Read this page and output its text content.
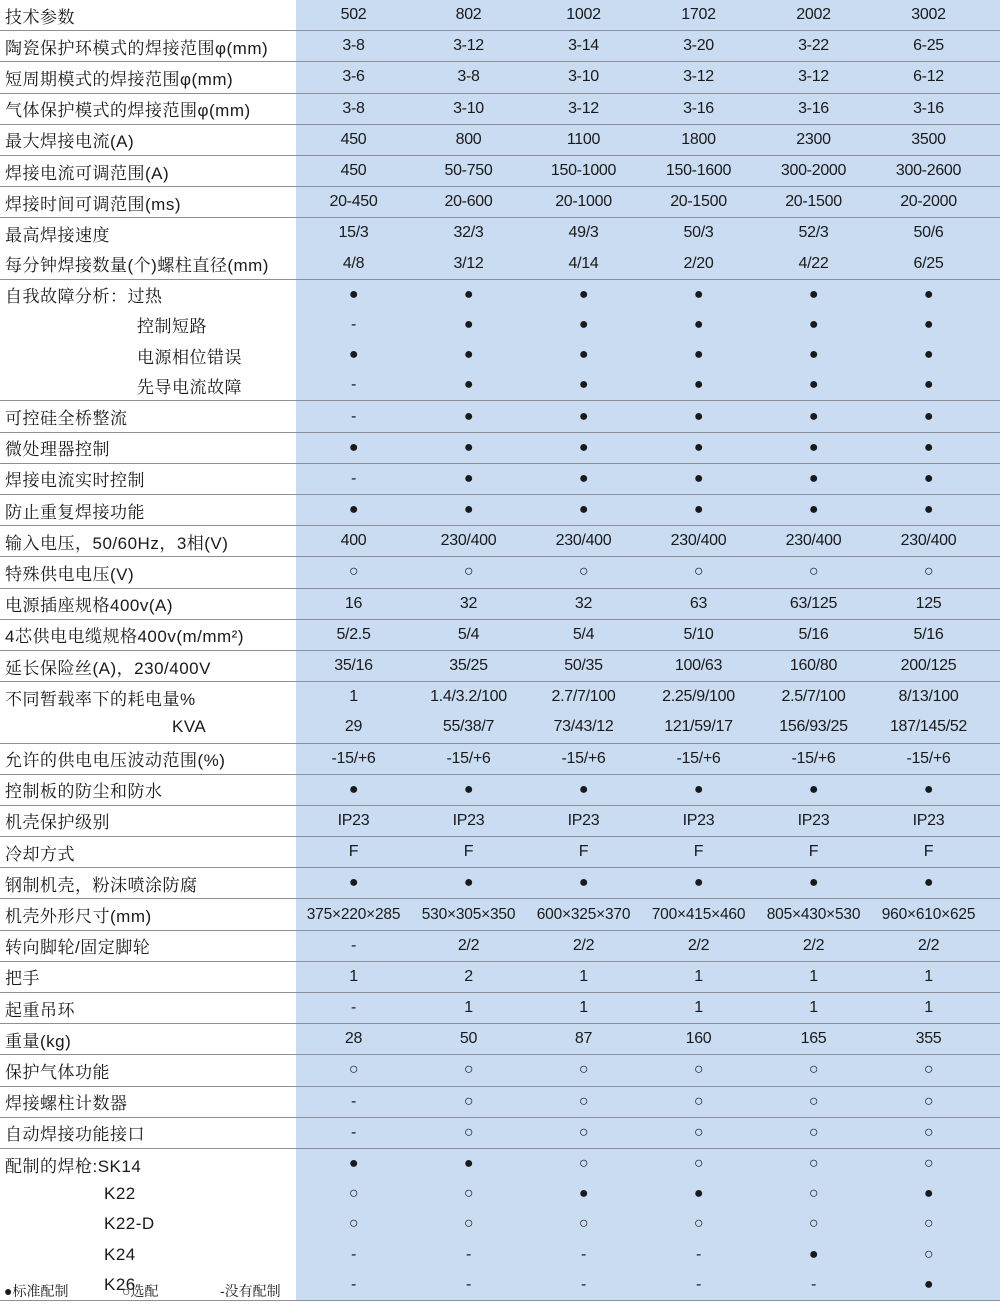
技术参数	502	802	1002	1702	2002	3002
陶瓷保护环模式的焊接范围φ(mm)	3-8	3-12	3-14	3-20	3-22	6-25
短周期模式的焊接范围φ(mm)	3-6	3-8	3-10	3-12	3-12	6-12
气体保护模式的焊接范围φ(mm)	3-8	3-10	3-12	3-16	3-16	3-16
最大焊接电流(A)	450	800	1100	1800	2300	3500
焊接电流可调范围(A)	450	50-750	150-1000	150-1600	300-2000	300-2600
焊接时间可调范围(ms)	20-450	20-600	20-1000	20-1500	20-1500	20-2000
最高焊接速度	15/3	32/3	49/3	50/3	52/3	50/6
每分钟焊接数量(个)螺柱直径(mm)	4/8	3/12	4/14	2/20	4/22	6/25
自我故障分析：过热	●	●	●	●	●	●
控制短路	-	●	●	●	●	●
电源相位错误	●	●	●	●	●	●
先导电流故障	-	●	●	●	●	●
可控硅全桥整流	-	●	●	●	●	●
微处理器控制	●	●	●	●	●	●
焊接电流实时控制	-	●	●	●	●	●
防止重复焊接功能	●	●	●	●	●	●
输入电压，50/60Hz，3相(V)	400	230/400	230/400	230/400	230/400	230/400
特殊供电电压(V)	○	○	○	○	○	○
电源插座规格400v(A)	16	32	32	63	63/125	125
4芯供电电缆规格400v(m/mm²)	5/2.5	5/4	5/4	5/10	5/16	5/16
延长保险丝(A)，230/400V	35/16	35/25	50/35	100/63	160/80	200/125
不同暂载率下的耗电量%	1	1.4/3.2/100	2.7/7/100	2.25/9/100	2.5/7/100	8/13/100
KVA	29	55/38/7	73/43/12	121/59/17	156/93/25	187/145/52
允许的供电电压波动范围(%)	-15/+6	-15/+6	-15/+6	-15/+6	-15/+6	-15/+6
控制板的防尘和防水	●	●	●	●	●	●
机壳保护级别	IP23	IP23	IP23	IP23	IP23	IP23
冷却方式	F	F	F	F	F	F
钢制机壳，粉沫喷涂防腐	●	●	●	●	●	●
机壳外形尺寸(mm)	375×220×285	530×305×350	600×325×370	700×415×460	805×430×530	960×610×625
转向脚轮/固定脚轮	-	2/2	2/2	2/2	2/2	2/2
把手	1	2	1	1	1	1
起重吊环	-	1	1	1	1	1
重量(kg)	28	50	87	160	165	355
保护气体功能	○	○	○	○	○	○
焊接螺柱计数器	-	○	○	○	○	○
自动焊接功能接口	-	○	○	○	○	○
配制的焊枪:SK14	●	●	○	○	○	○
K22	○	○	●	●	○	●
K22-D	○	○	○	○	○	○
K24	-	-	-	-	●	○
K26	-	-	-	-	-	●
●标准配制	○选配	-没有配制
